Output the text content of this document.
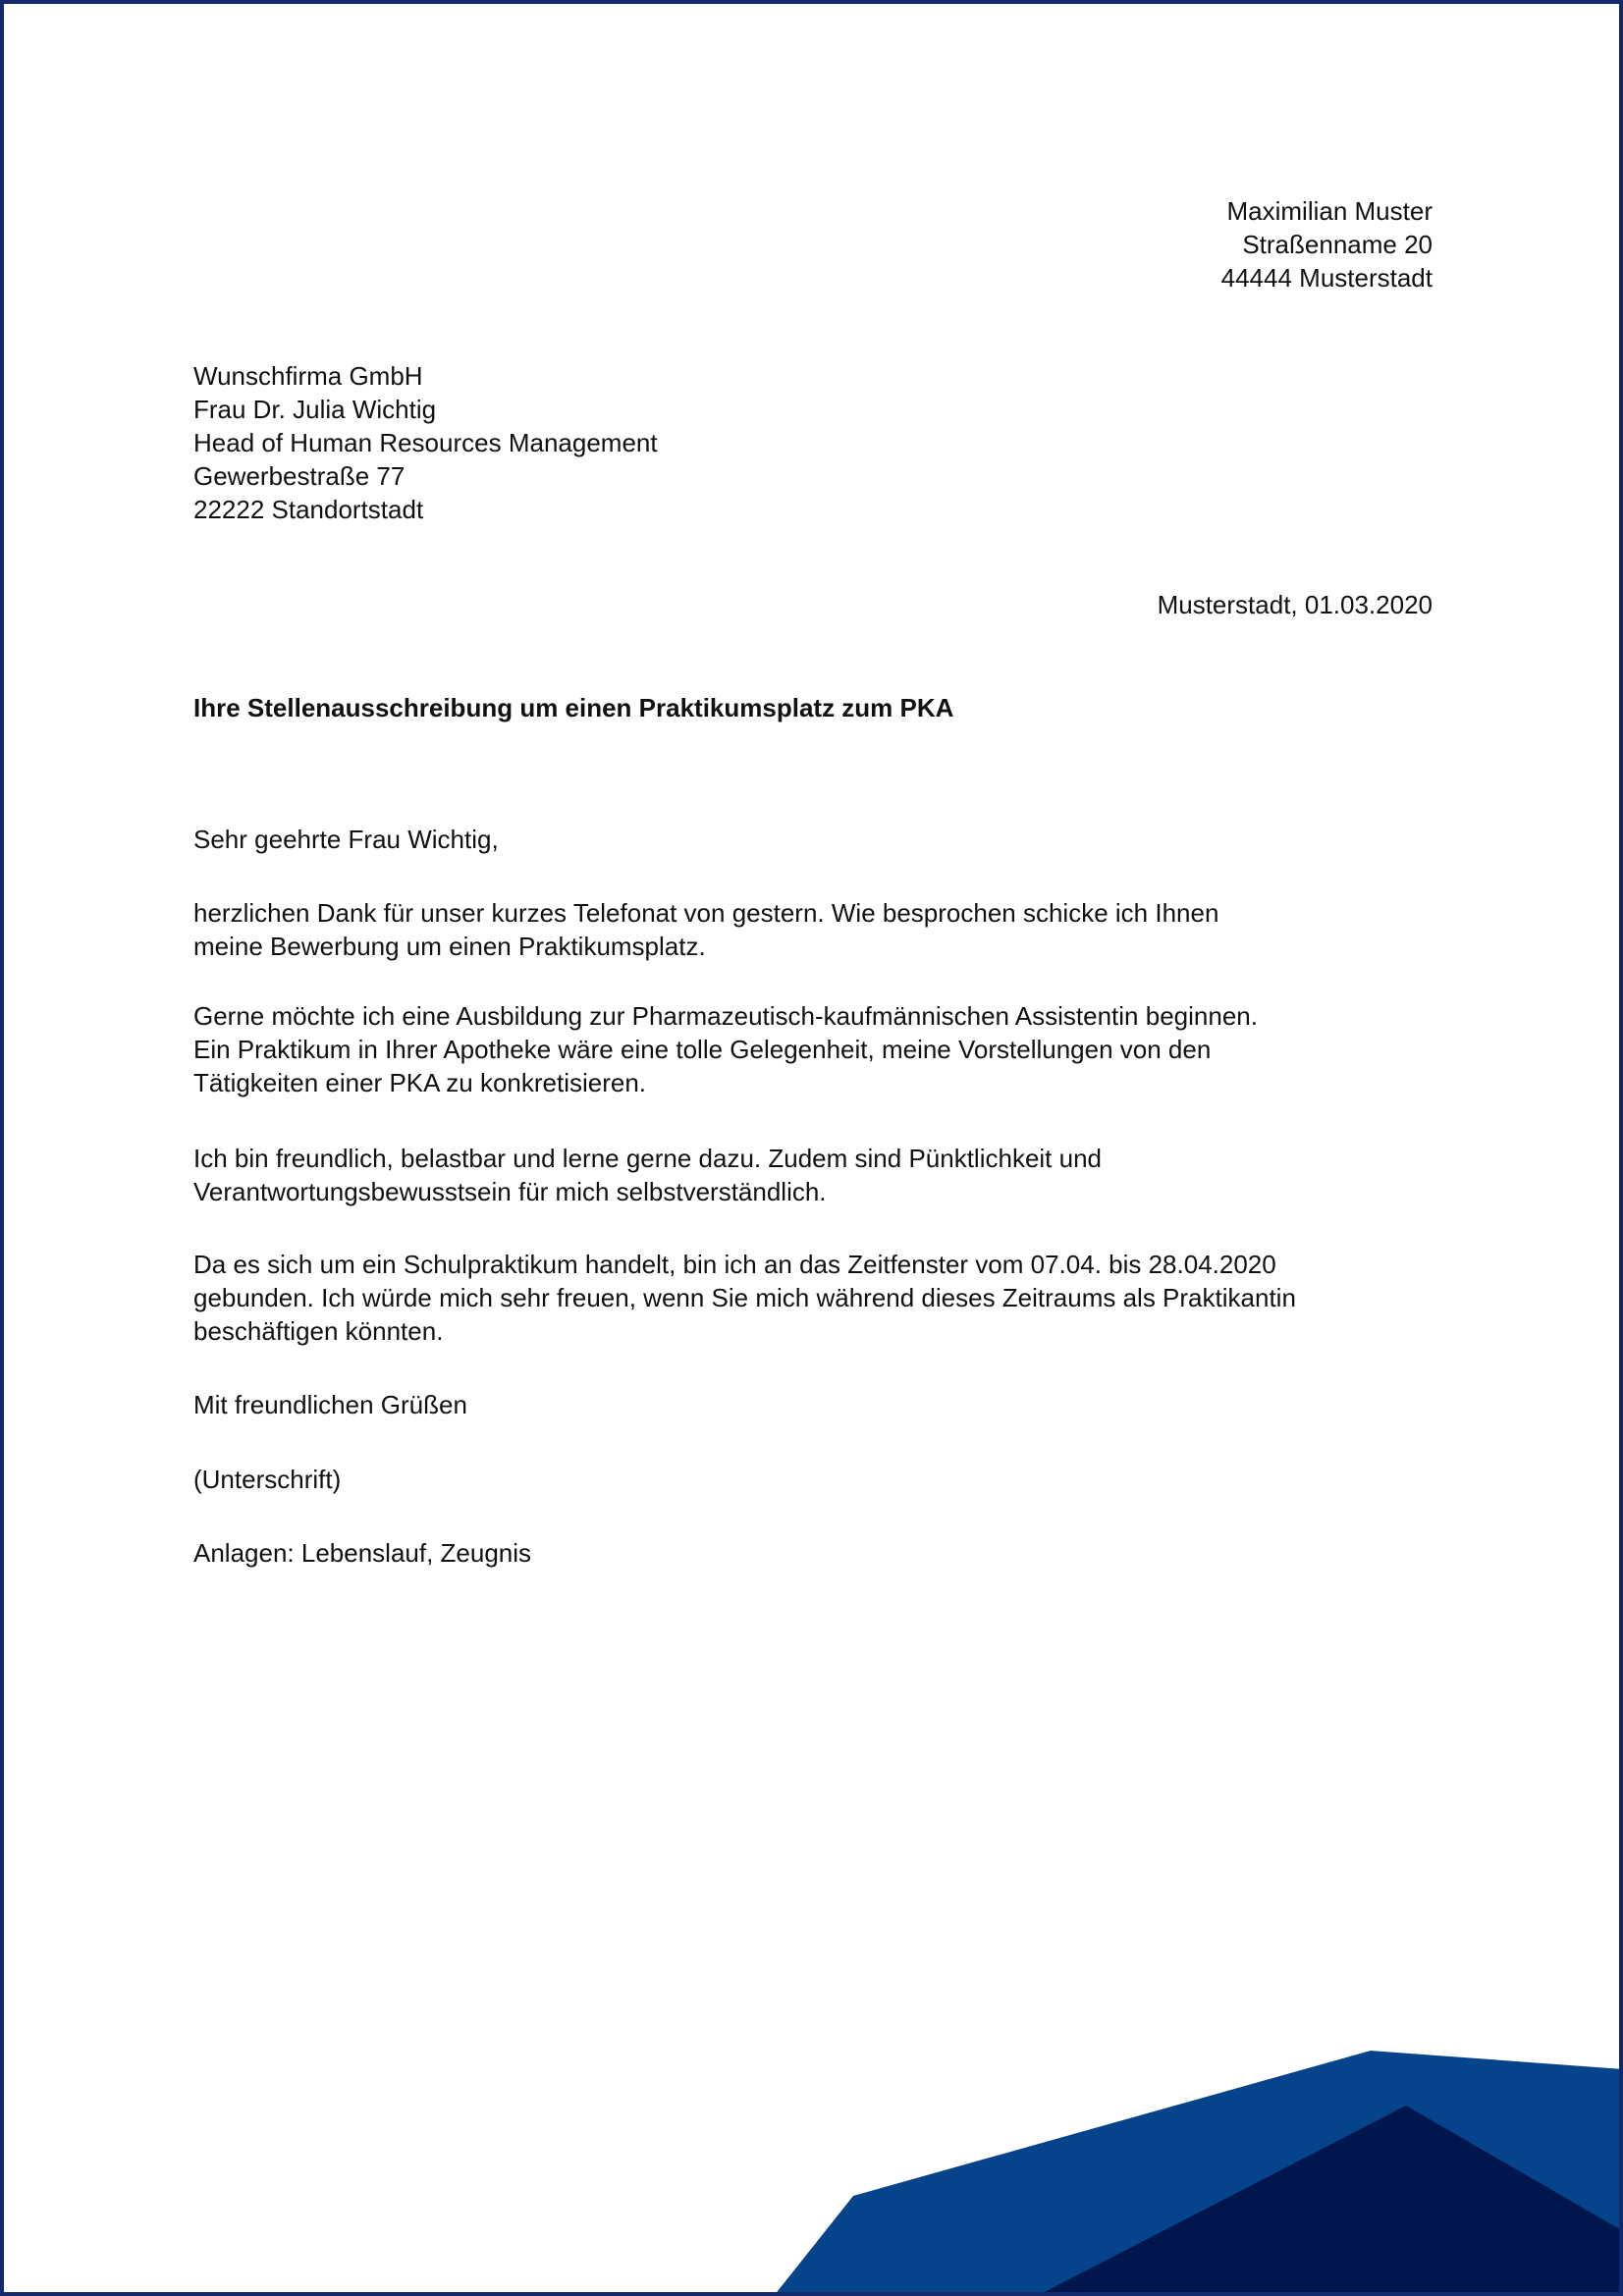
Maximilian Muster
Straßenname 20
44444 Musterstadt
Wunschfirma GmbH
Frau Dr. Julia Wichtig
Head of Human Resources Management
Gewerbestraße 77
22222 Standortstadt
Musterstadt, 01.03.2020
Ihre Stellenausschreibung um einen Praktikumsplatz zum PKA
Sehr geehrte Frau Wichtig,
herzlichen Dank für unser kurzes Telefonat von gestern. Wie besprochen schicke ich Ihnen
meine Bewerbung um einen Praktikumsplatz.
Gerne möchte ich eine Ausbildung zur Pharmazeutisch-kaufmännischen Assistentin beginnen.
Ein Praktikum in Ihrer Apotheke wäre eine tolle Gelegenheit, meine Vorstellungen von den
Tätigkeiten einer PKA zu konkretisieren.
Ich bin freundlich, belastbar und lerne gerne dazu. Zudem sind Pünktlichkeit und
Verantwortungsbewusstsein für mich selbstverständlich.
Da es sich um ein Schulpraktikum handelt, bin ich an das Zeitfenster vom 07.04. bis 28.04.2020
gebunden. Ich würde mich sehr freuen, wenn Sie mich während dieses Zeitraums als Praktikantin
beschäftigen könnten.
Mit freundlichen Grüßen
(Unterschrift)
Anlagen: Lebenslauf, Zeugnis
